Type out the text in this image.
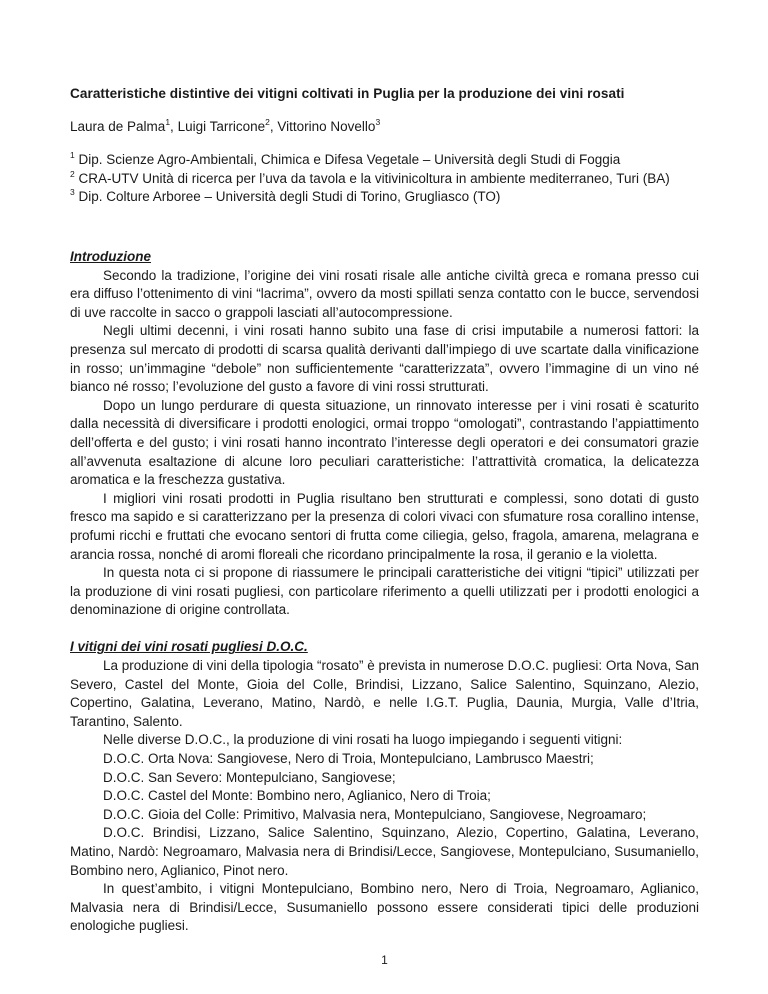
Caratteristiche distintive dei vitigni coltivati in Puglia per la produzione dei vini rosati
Laura de Palma$^1$, Luigi Tarricone$^2$, Vittorino Novello$^3$

$^1$ Dip. Scienze Agro-Ambientali, Chimica e Difesa Vegetale – Università degli Studi di Foggia

$^2$ CRA-UTV Unità di ricerca per l’uva da tavola e la vitivinicoltura in ambiente mediterraneo, Turi (BA)

$^3$ Dip. Colture Arboree – Università degli Studi di Torino, Grugliasco (TO)

Introduzione

Secondo la tradizione, l’origine dei vini rosati risale alle antiche civiltà greca e romana presso cui era diffuso l’ottenimento di vini “lacrima”, ovvero da mosti spillati senza contatto con le bucce, servendosi di uve raccolte in sacco o grappoli lasciati all’autocompressione.

Negli ultimi decenni, i vini rosati hanno subito una fase di crisi imputabile a numerosi fattori: la presenza sul mercato di prodotti di scarsa qualità derivanti dall’impiego di uve scartate dalla vinificazione in rosso; un’immagine “debole” non sufficientemente “caratterizzata”, ovvero l’immagine di un vino né bianco né rosso; l’evoluzione del gusto a favore di vini rossi strutturati.

Dopo un lungo perdurare di questa situazione, un rinnovato interesse per i vini rosati è scaturito dalla necessità di diversificare i prodotti enologici, ormai troppo “omologati”, contrastando l’appiattimento dell’offerta e del gusto; i vini rosati hanno incontrato l’interesse degli operatori e dei consumatori grazie all’avvenuta esaltazione di alcune loro peculiari caratteristiche: l’attrattività cromatica, la delicatezza aromatica e la freschezza gustativa.

I migliori vini rosati prodotti in Puglia risultano ben strutturati e complessi, sono dotati di gusto fresco ma sapido e si caratterizzano per la presenza di colori vivaci con sfumature rosa corallino intense, profumi ricchi e fruttati che evocano sentori di frutta come ciliegia, gelso, fragola, amarena, melagrana e arancia rossa, nonché di aromi floreali che ricordano principalmente la rosa, il geranio e la violetta.

In questa nota ci si propone di riassumere le principali caratteristiche dei vitigni “tipici” utilizzati per la produzione di vini rosati pugliesi, con particolare riferimento a quelli utilizzati per i prodotti enologici a denominazione di origine controllata.

I vitigni dei vini rosati pugliesi D.O.C.

La produzione di vini della tipologia “rosato” è prevista in numerose D.O.C. pugliesi: Orta Nova, San Severo, Castel del Monte, Gioia del Colle, Brindisi, Lizzano, Salice Salentino, Squinzano, Alezio, Copertino, Galatina, Leverano, Matino, Nardò, e nelle I.G.T. Puglia, Daunia, Murgia, Valle d’Itria, Tarantino, Salento.

Nelle diverse D.O.C., la produzione di vini rosati ha luogo impiegando i seguenti vitigni:

D.O.C. Orta Nova: Sangiovese, Nero di Troia, Montepulciano, Lambrusco Maestri;

D.O.C. San Severo: Montepulciano, Sangiovese;

D.O.C. Castel del Monte: Bombino nero, Aglianico, Nero di Troia;

D.O.C. Gioia del Colle: Primitivo, Malvasia nera, Montepulciano, Sangiovese, Negroamaro;

D.O.C. Brindisi, Lizzano, Salice Salentino, Squinzano, Alezio, Copertino, Galatina, Leverano, Matino, Nardò: Negroamaro, Malvasia nera di Brindisi/Lecce, Sangiovese, Montepulciano, Susumaniello, Bombino nero, Aglianico, Pinot nero.

In quest’ambito, i vitigni Montepulciano, Bombino nero, Nero di Troia, Negroamaro, Aglianico, Malvasia nera di Brindisi/Lecce, Susumaniello possono essere considerati tipici delle produzioni enologiche pugliesi.

1
